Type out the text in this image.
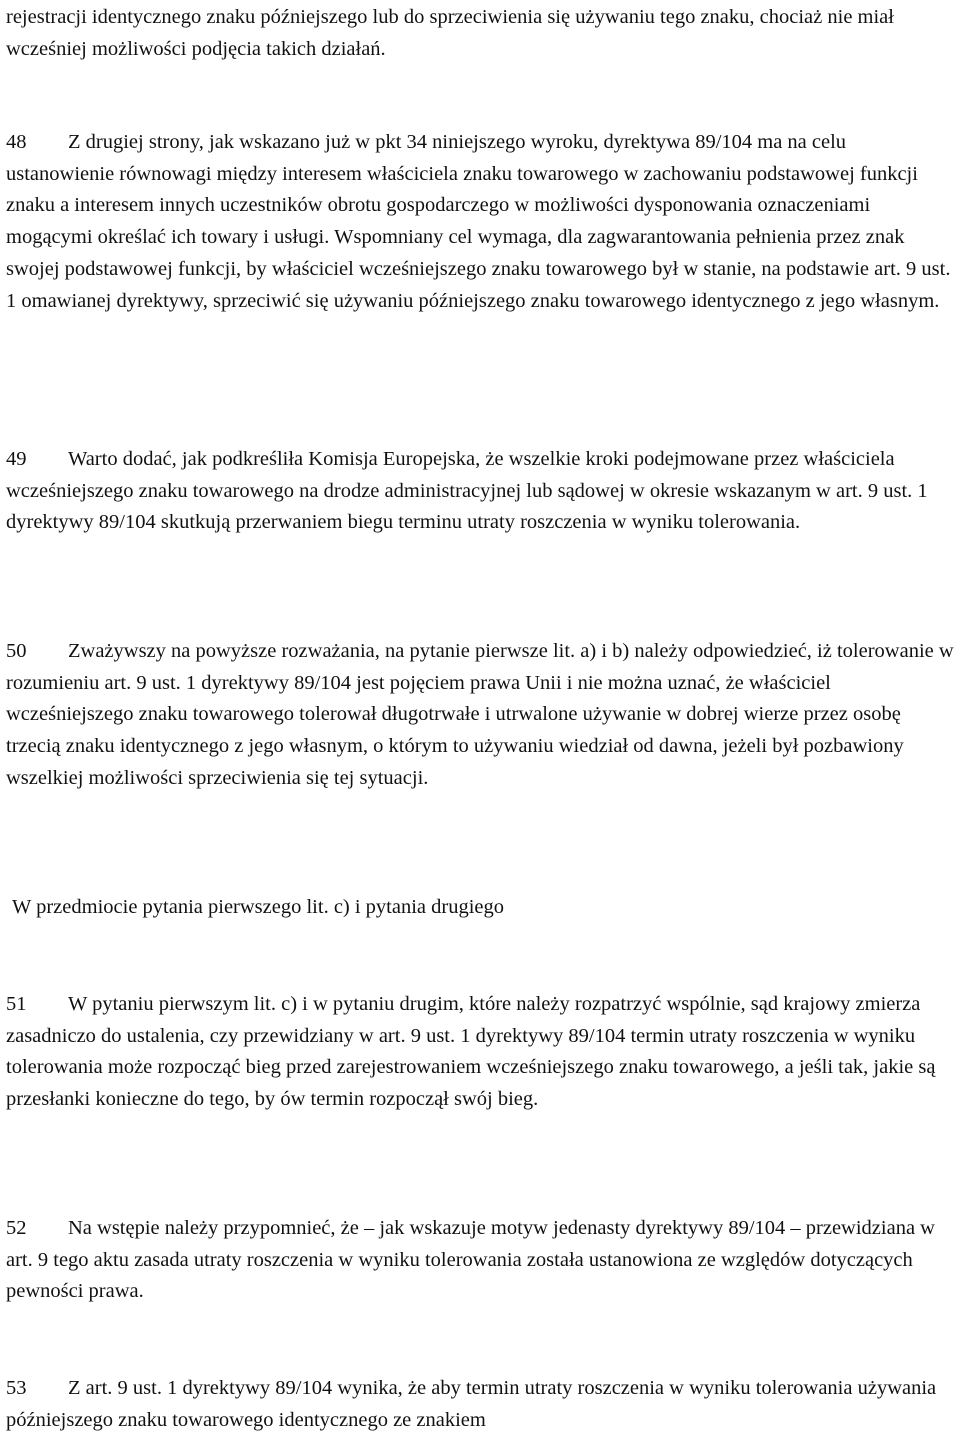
rejestracji identycznego znaku późniejszego lub do sprzeciwienia się używaniu tego znaku, chociaż nie miał wcześniej możliwości podjęcia takich działań.

48 Z drugiej strony, jak wskazano już w pkt 34 niniejszego wyroku, dyrektywa 89/104 ma na celu ustanowienie równowagi między interesem właściciela znaku towarowego w zachowaniu podstawowej funkcji znaku a interesem innych uczestników obrotu gospodarczego w możliwości dysponowania oznaczeniami mogącymi określać ich towary i usługi. Wspomniany cel wymaga, dla zagwarantowania pełnienia przez znak swojej podstawowej funkcji, by właściciel wcześniejszego znaku towarowego był w stanie, na podstawie art. 9 ust. 1 omawianej dyrektywy, sprzeciwić się używaniu późniejszego znaku towarowego identycznego z jego własnym.

49 Warto dodać, jak podkreśliła Komisja Europejska, że wszelkie kroki podejmowane przez właściciela wcześniejszego znaku towarowego na drodze administracyjnej lub sądowej w okresie wskazanym w art. 9 ust. 1 dyrektywy 89/104 skutkują przerwaniem biegu terminu utraty roszczenia w wyniku tolerowania.

50 Zważywszy na powyższe rozważania, na pytanie pierwsze lit. a) i b) należy odpowiedzieć, iż tolerowanie w rozumieniu art. 9 ust. 1 dyrektywy 89/104 jest pojęciem prawa Unii i nie można uznać, że właściciel wcześniejszego znaku towarowego tolerował długotrwałe i utrwalone używanie w dobrej wierze przez osobę trzecią znaku identycznego z jego własnym, o którym to używaniu wiedział od dawna, jeżeli był pozbawiony wszelkiej możliwości sprzeciwienia się tej sytuacji.

W przedmiocie pytania pierwszego lit. c) i pytania drugiego

51 W pytaniu pierwszym lit. c) i w pytaniu drugim, które należy rozpatrzyć wspólnie, sąd krajowy zmierza zasadniczo do ustalenia, czy przewidziany w art. 9 ust. 1 dyrektywy 89/104 termin utraty roszczenia w wyniku tolerowania może rozpocząć bieg przed zarejestrowaniem wcześniejszego znaku towarowego, a jeśli tak, jakie są przesłanki konieczne do tego, by ów termin rozpoczął swój bieg.

52 Na wstępie należy przypomnieć, że – jak wskazuje motyw jedenasty dyrektywy 89/104 – przewidziana w art. 9 tego aktu zasada utraty roszczenia w wyniku tolerowania została ustanowiona ze względów dotyczących pewności prawa.

53 Z art. 9 ust. 1 dyrektywy 89/104 wynika, że aby termin utraty roszczenia w wyniku tolerowania używania późniejszego znaku towarowego identycznego ze znakiem
